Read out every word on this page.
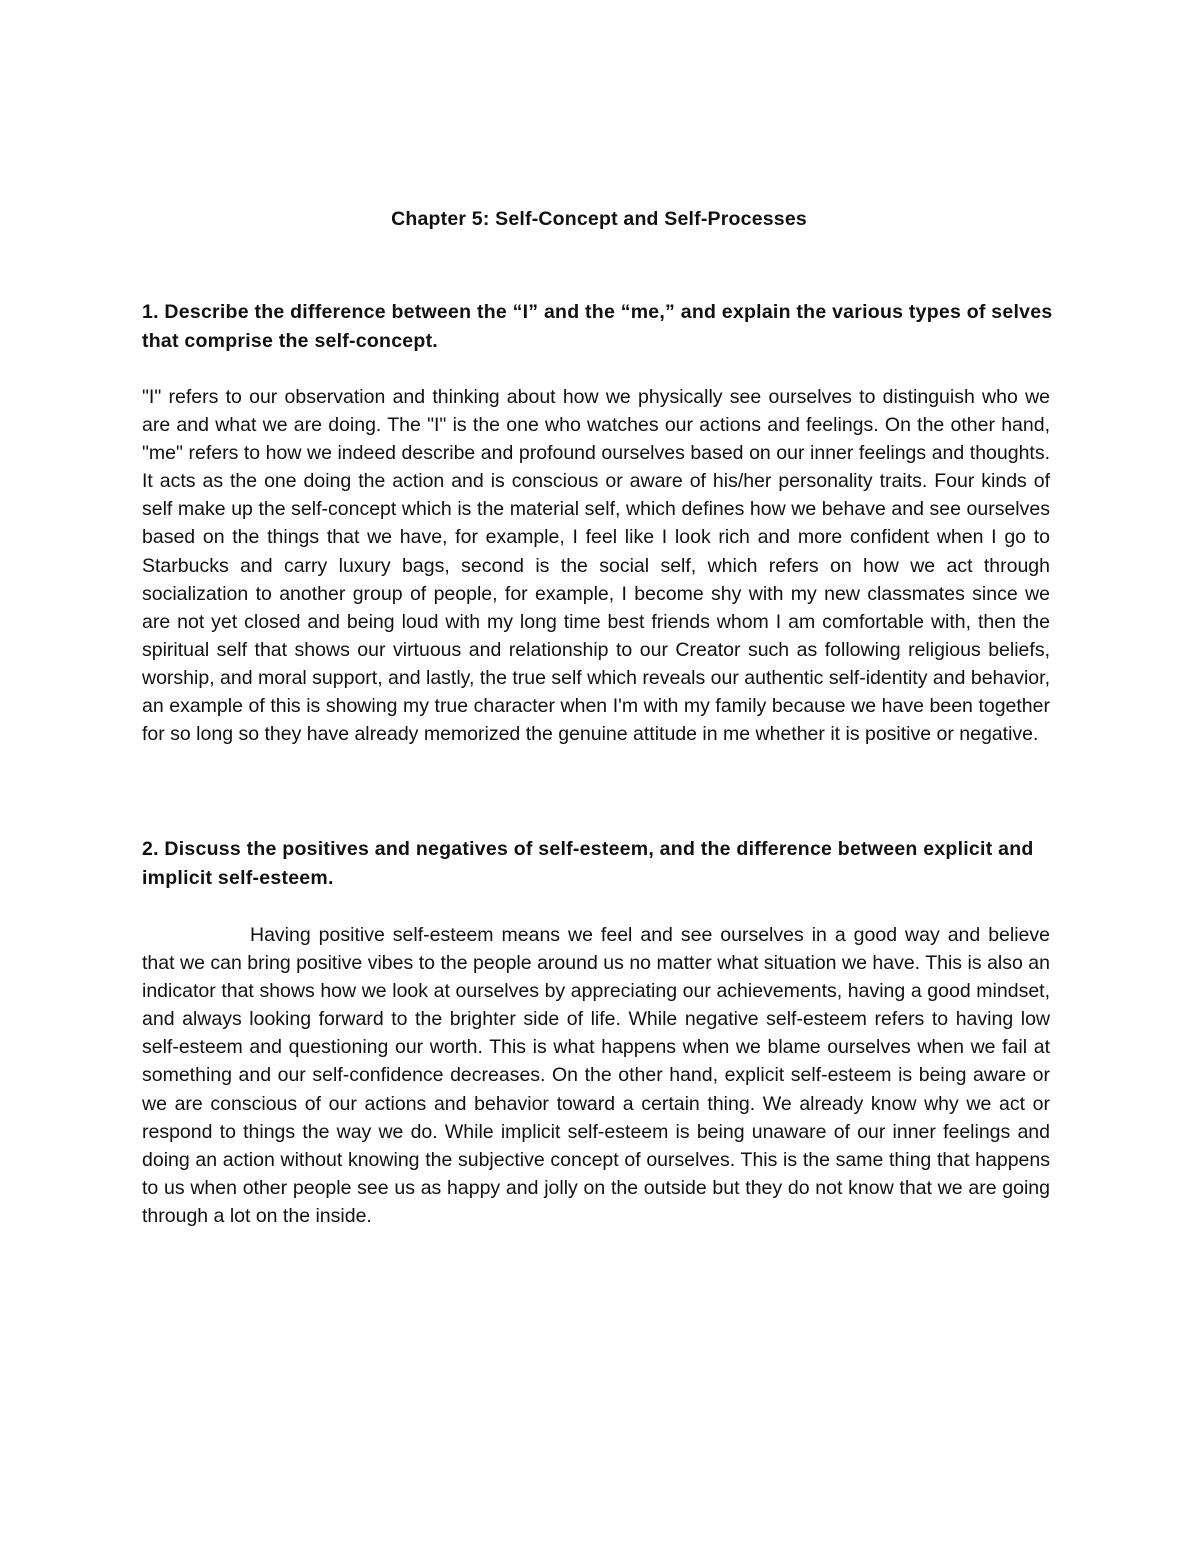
Chapter 5: Self-Concept and Self-Processes

1. Describe the difference between the “I” and the “me,” and explain the various types of selves that comprise the self-concept.

"I" refers to our observation and thinking about how we physically see ourselves to distinguish who we are and what we are doing. The "I" is the one who watches our actions and feelings. On the other hand, "me" refers to how we indeed describe and profound ourselves based on our inner feelings and thoughts. It acts as the one doing the action and is conscious or aware of his/her personality traits. Four kinds of self make up the self-concept which is the material self, which defines how we behave and see ourselves based on the things that we have, for example, I feel like I look rich and more confident when I go to Starbucks and carry luxury bags, second is the social self, which refers on how we act through socialization to another group of people, for example, I become shy with my new classmates since we are not yet closed and being loud with my long time best friends whom I am comfortable with, then the spiritual self that shows our virtuous and relationship to our Creator such as following religious beliefs, worship, and moral support, and lastly, the true self which reveals our authentic self-identity and behavior, an example of this is showing my true character when I'm with my family because we have been together for so long so they have already memorized the genuine attitude in me whether it is positive or negative.

2. Discuss the positives and negatives of self-esteem, and the difference between explicit and implicit self-esteem.

Having positive self-esteem means we feel and see ourselves in a good way and believe that we can bring positive vibes to the people around us no matter what situation we have. This is also an indicator that shows how we look at ourselves by appreciating our achievements, having a good mindset, and always looking forward to the brighter side of life. While negative self-esteem refers to having low self-esteem and questioning our worth. This is what happens when we blame ourselves when we fail at something and our self-confidence decreases. On the other hand, explicit self-esteem is being aware or we are conscious of our actions and behavior toward a certain thing. We already know why we act or respond to things the way we do. While implicit self-esteem is being unaware of our inner feelings and doing an action without knowing the subjective concept of ourselves. This is the same thing that happens to us when other people see us as happy and jolly on the outside but they do not know that we are going through a lot on the inside.
